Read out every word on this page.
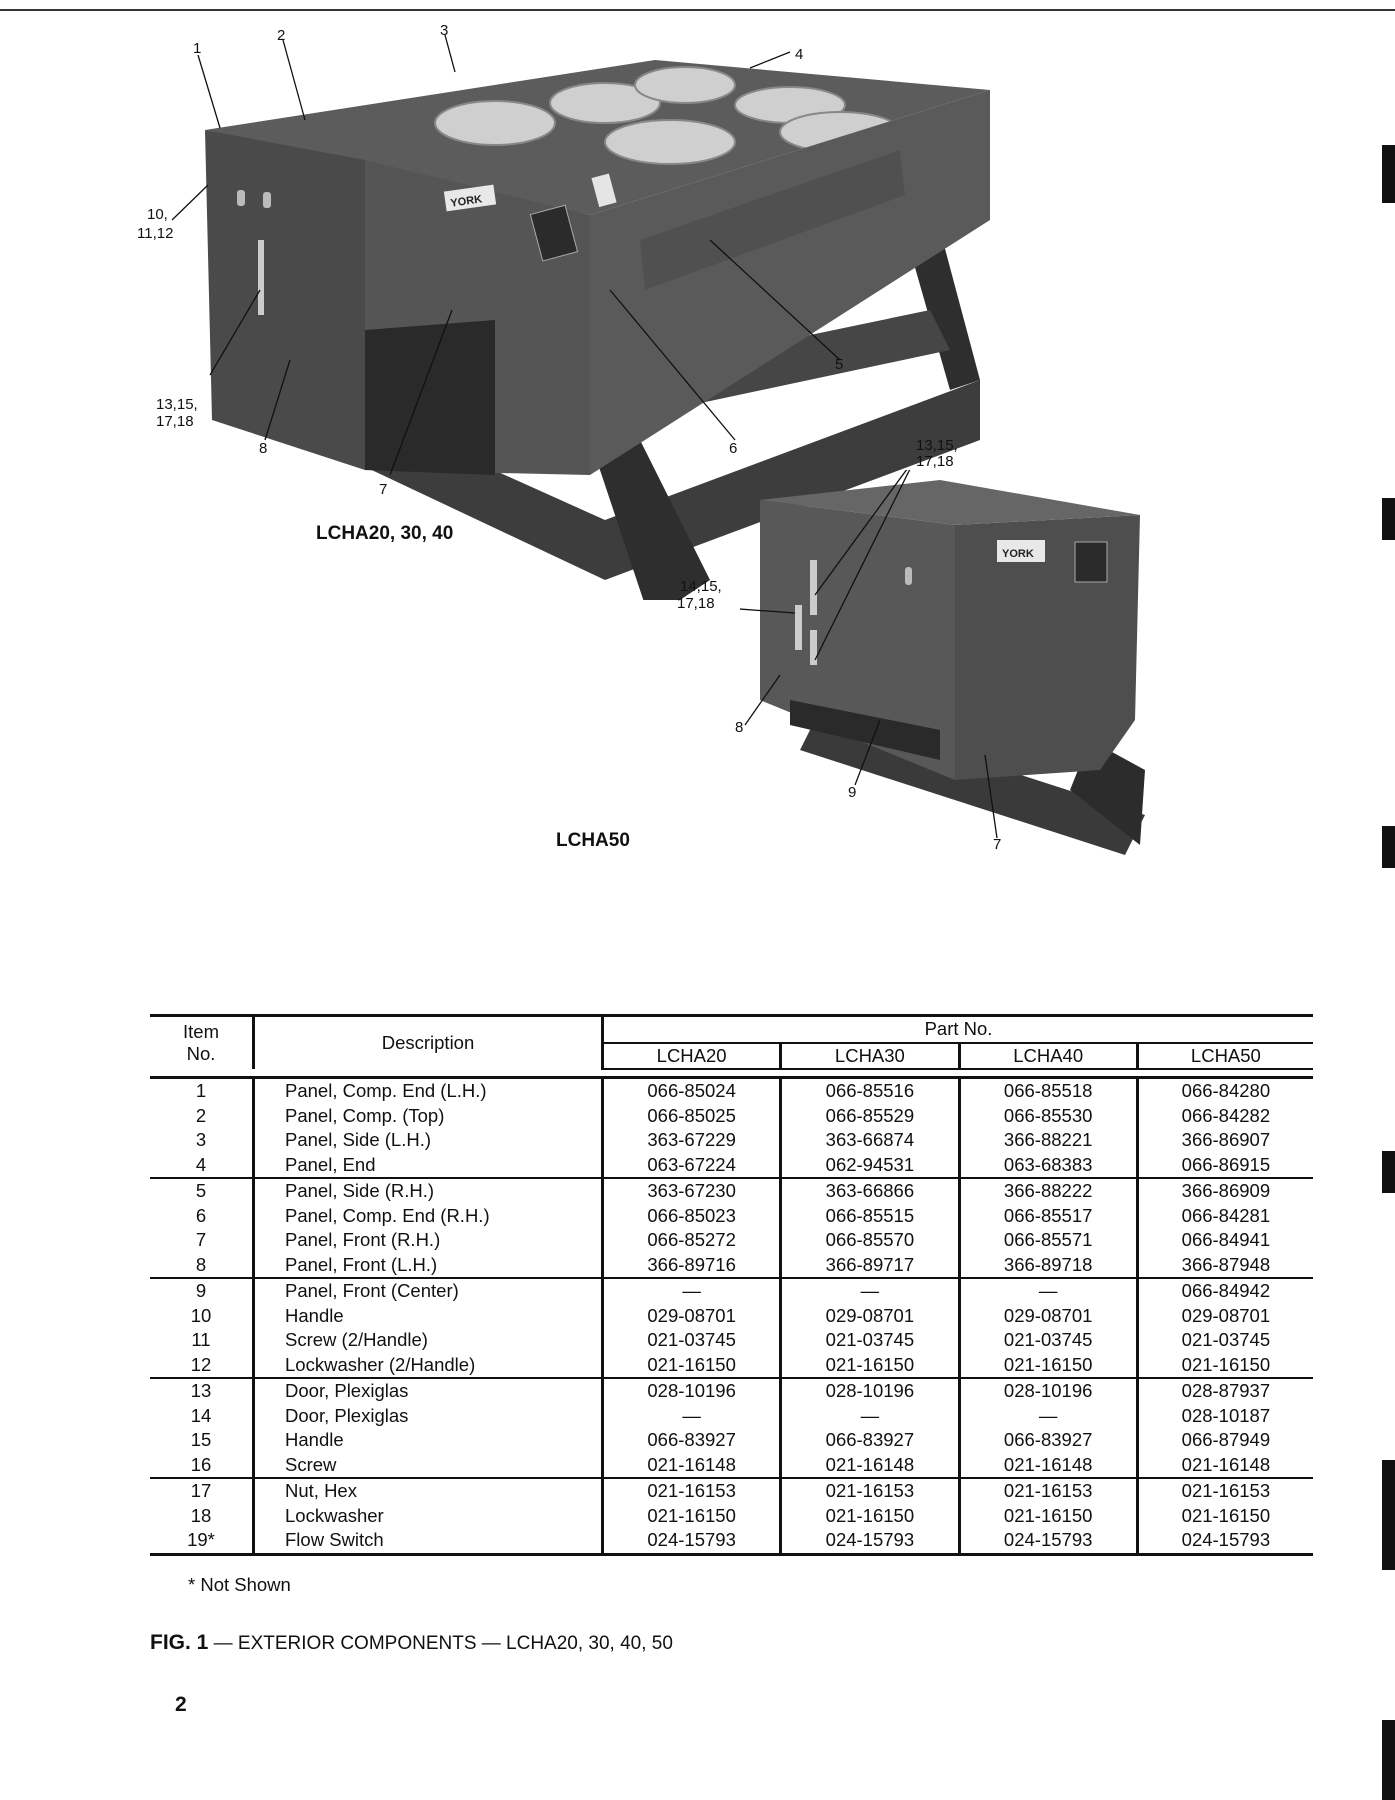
YORK
1
2	3
4
5
6
7
8
10,
11,12
13,15,
17,18
LCHA20, 30, 40
YORK
13,15,
17,18
14,15,
17,18
8
9
7
LCHA50
Item
No.	Description	Part No.			
		LCHA20	LCHA30	LCHA40	LCHA50

1	Panel, Comp. End (L.H.)	066-85024	066-85516	066-85518	066-84280
2	Panel, Comp. (Top)	066-85025	066-85529	066-85530	066-84282
3	Panel, Side (L.H.)	363-67229	363-66874	366-88221	366-86907
4	Panel, End	063-67224	062-94531	063-68383	066-86915
5	Panel, Side (R.H.)	363-67230	363-66866	366-88222	366-86909
6	Panel, Comp. End (R.H.)	066-85023	066-85515	066-85517	066-84281
7	Panel, Front (R.H.)	066-85272	066-85570	066-85571	066-84941
8	Panel, Front (L.H.)	366-89716	366-89717	366-89718	366-87948
9	Panel, Front (Center)	—	—	—	066-84942
10	Handle	029-08701	029-08701	029-08701	029-08701
11	Screw (2/Handle)	021-03745	021-03745	021-03745	021-03745
12	Lockwasher (2/Handle)	021-16150	021-16150	021-16150	021-16150
13	Door, Plexiglas	028-10196	028-10196	028-10196	028-87937
14	Door, Plexiglas	—	—	—	028-10187
15	Handle	066-83927	066-83927	066-83927	066-87949
16	Screw	021-16148	021-16148	021-16148	021-16148
17	Nut, Hex	021-16153	021-16153	021-16153	021-16153
18	Lockwasher	021-16150	021-16150	021-16150	021-16150
19*	Flow Switch	024-15793	024-15793	024-15793	024-15793
* Not Shown
FIG. 1 — EXTERIOR COMPONENTS — LCHA20, 30, 40, 50
2
